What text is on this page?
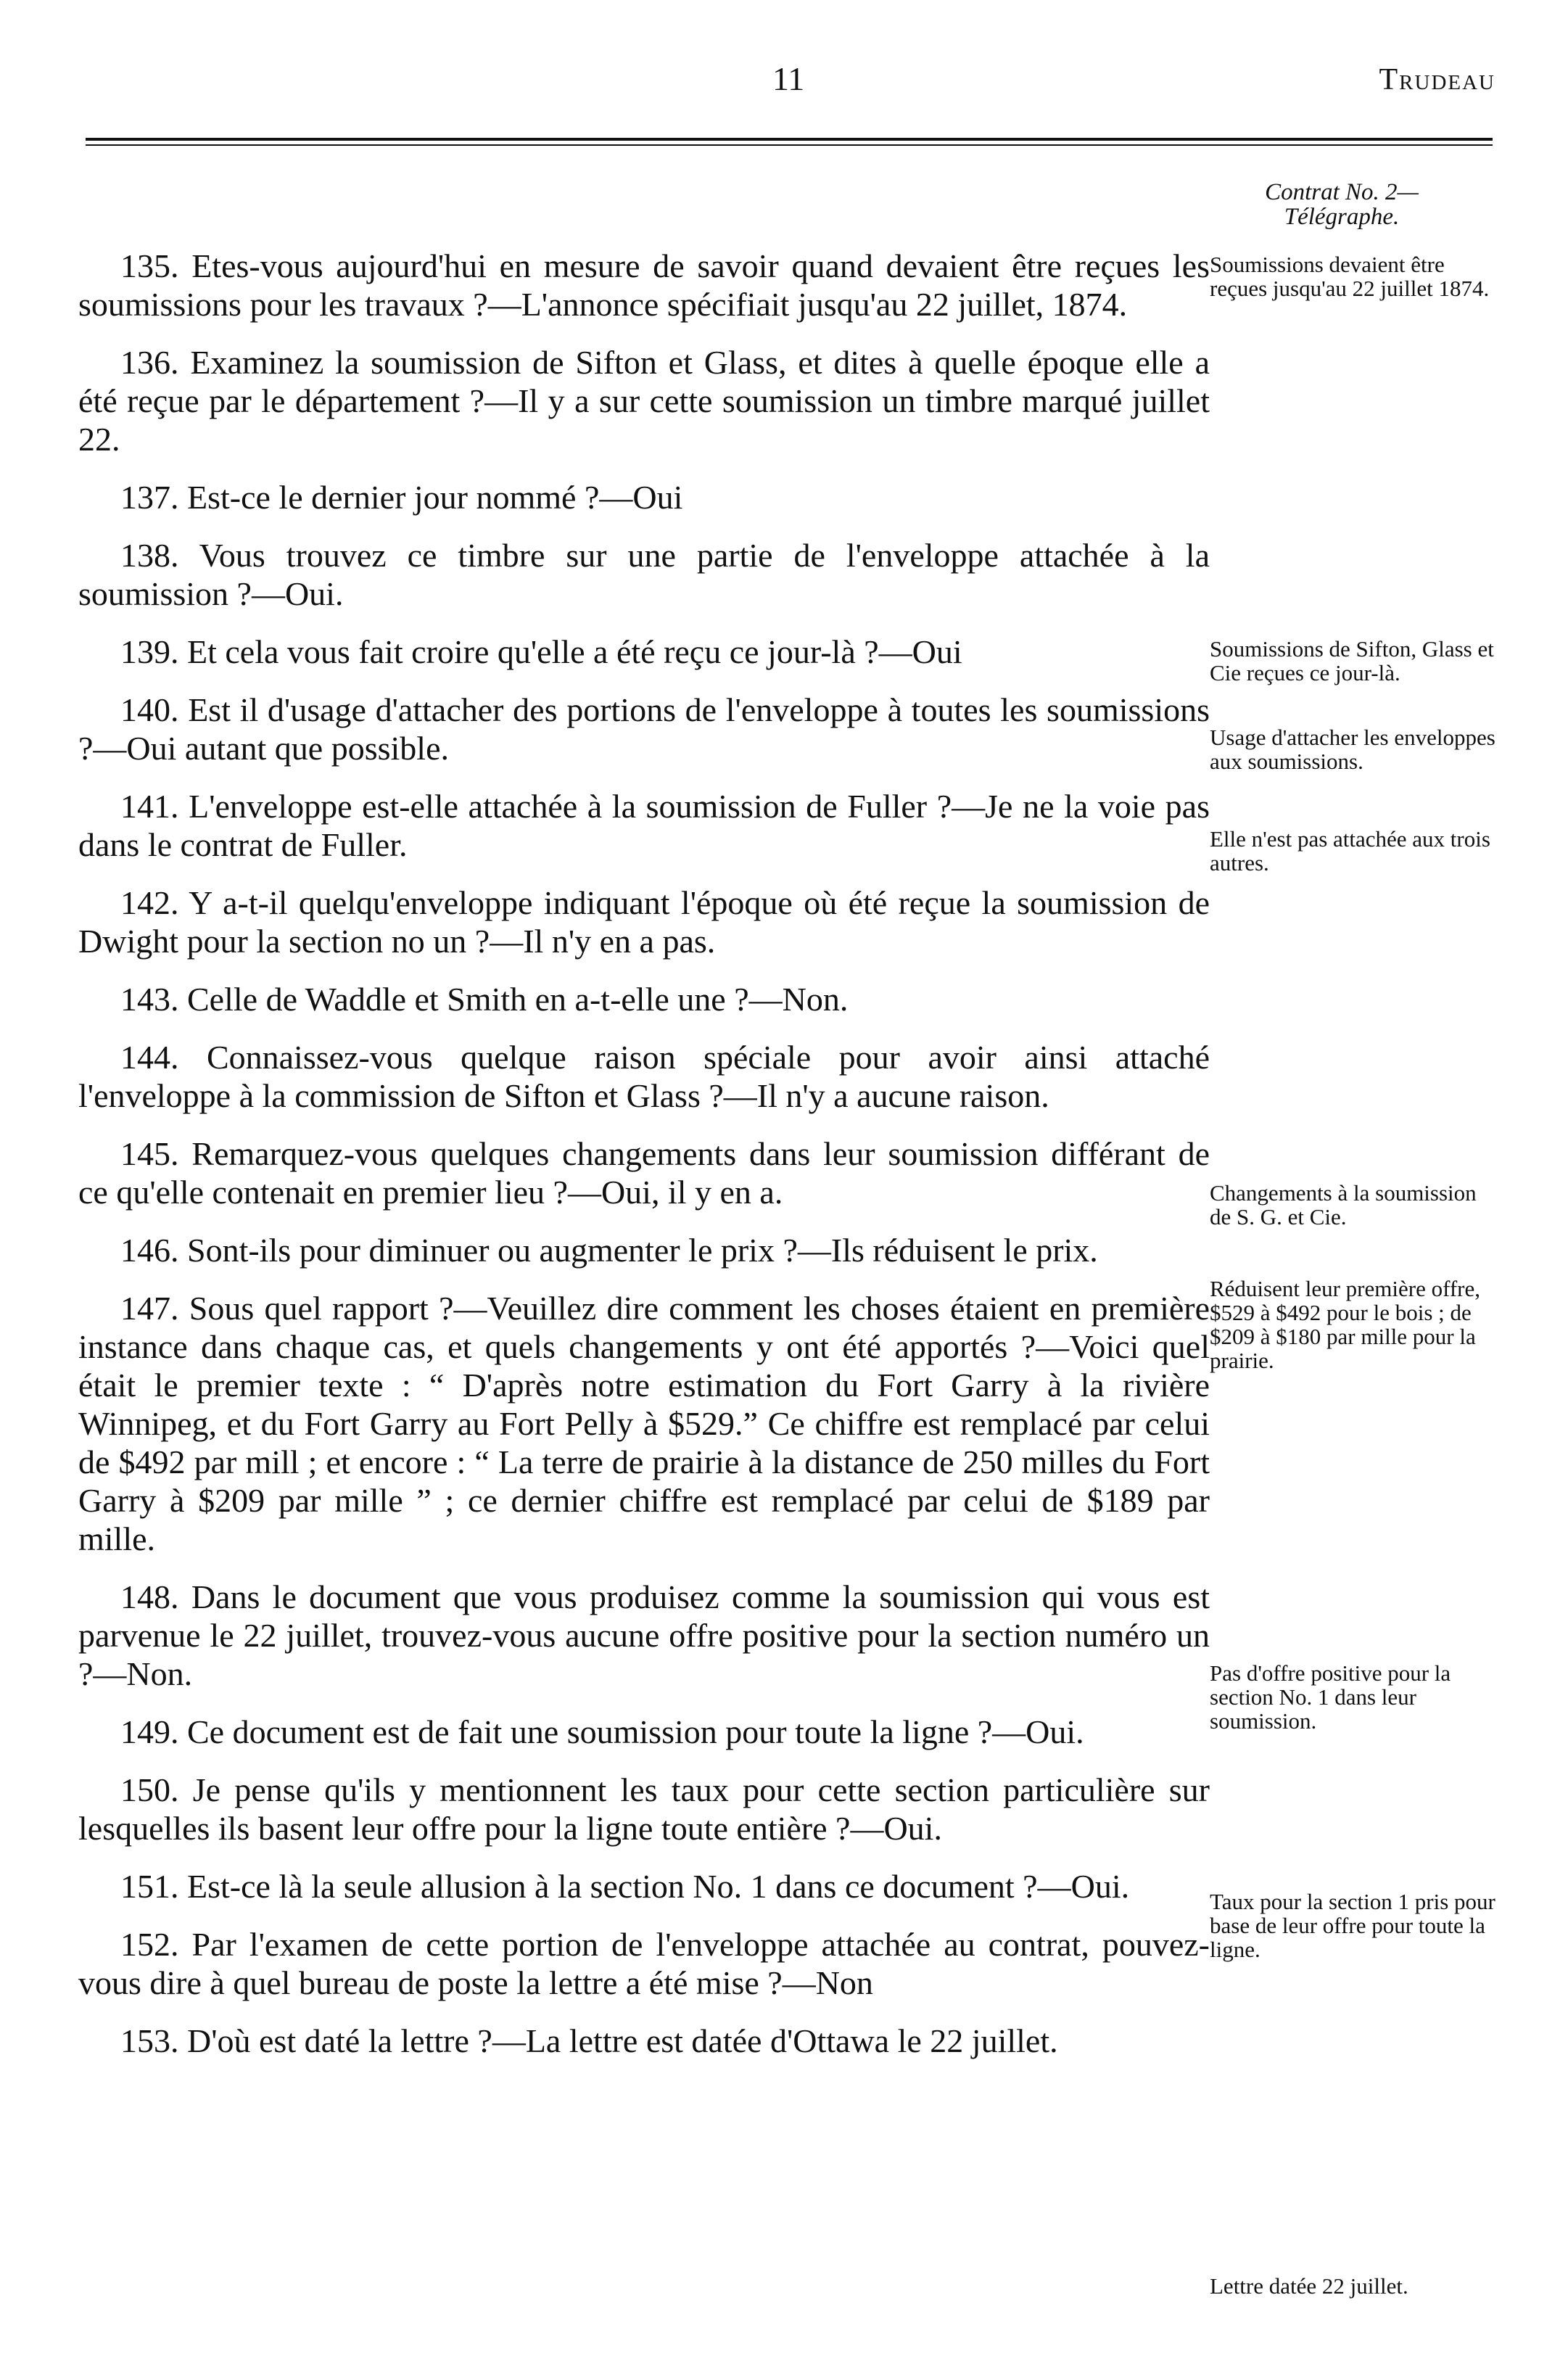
11	Trudeau
Contrat No. 2—
Télégraphe.

135. Etes-vous aujourd'hui en mesure de savoir quand devaient être reçues les soumissions pour les travaux ?—L'annonce spécifiait jusqu'au 22 juillet, 1874.

136. Examinez la soumission de Sifton et Glass, et dites à quelle époque elle a été reçue par le département ?—Il y a sur cette soumission un timbre marqué juillet 22.

137. Est-ce le dernier jour nommé ?—Oui

138. Vous trouvez ce timbre sur une partie de l'enveloppe attachée à la soumission ?—Oui.

139. Et cela vous fait croire qu'elle a été reçu ce jour-là ?—Oui

140. Est il d'usage d'attacher des portions de l'enveloppe à toutes les soumissions ?—Oui autant que possible.

141. L'enveloppe est-elle attachée à la soumission de Fuller ?—Je ne la voie pas dans le contrat de Fuller.

142. Y a-t-il quelqu'enveloppe indiquant l'époque où été reçue la soumission de Dwight pour la section no un ?—Il n'y en a pas.

143. Celle de Waddle et Smith en a-t-elle une ?—Non.

144. Connaissez-vous quelque raison spéciale pour avoir ainsi attaché l'enveloppe à la commission de Sifton et Glass ?—Il n'y a aucune raison.

145. Remarquez-vous quelques changements dans leur soumission différant de ce qu'elle contenait en premier lieu ?—Oui, il y en a.

146. Sont-ils pour diminuer ou augmenter le prix ?—Ils réduisent le prix.

147. Sous quel rapport ?—Veuillez dire comment les choses étaient en première instance dans chaque cas, et quels changements y ont été apportés ?—Voici quel était le premier texte : “ D'après notre estimation du Fort Garry à la rivière Winnipeg, et du Fort Garry au Fort Pelly à $529.” Ce chiffre est remplacé par celui de $492 par mill ; et encore : “ La terre de prairie à la distance de 250 milles du Fort Garry à $209 par mille ” ; ce dernier chiffre est remplacé par celui de $189 par mille.

148. Dans le document que vous produisez comme la soumission qui vous est parvenue le 22 juillet, trouvez-vous aucune offre positive pour la section numéro un ?—Non.

149. Ce document est de fait une soumission pour toute la ligne ?—Oui.

150. Je pense qu'ils y mentionnent les taux pour cette section particulière sur lesquelles ils basent leur offre pour la ligne toute entière ?—Oui.

151. Est-ce là la seule allusion à la section No. 1 dans ce document ?—Oui.

152. Par l'examen de cette portion de l'enveloppe attachée au contrat, pouvez-vous dire à quel bureau de poste la lettre a été mise ?—Non

153. D'où est daté la lettre ?—La lettre est datée d'Ottawa le 22 juillet.

Soumissions devaient être reçues jusqu'au 22 juillet 1874.
Soumissions de Sifton, Glass et Cie reçues ce jour-là.
Usage d'attacher les enveloppes aux soumissions.
Elle n'est pas attachée aux trois autres.
Changements à la soumission de S. G. et Cie.
Réduisent leur première offre, $529 à $492 pour le bois ; de $209 à $180 par mille pour la prairie.
Pas d'offre positive pour la section No. 1 dans leur soumission.
Taux pour la section 1 pris pour base de leur offre pour toute la ligne.
Lettre datée 22 juillet.
